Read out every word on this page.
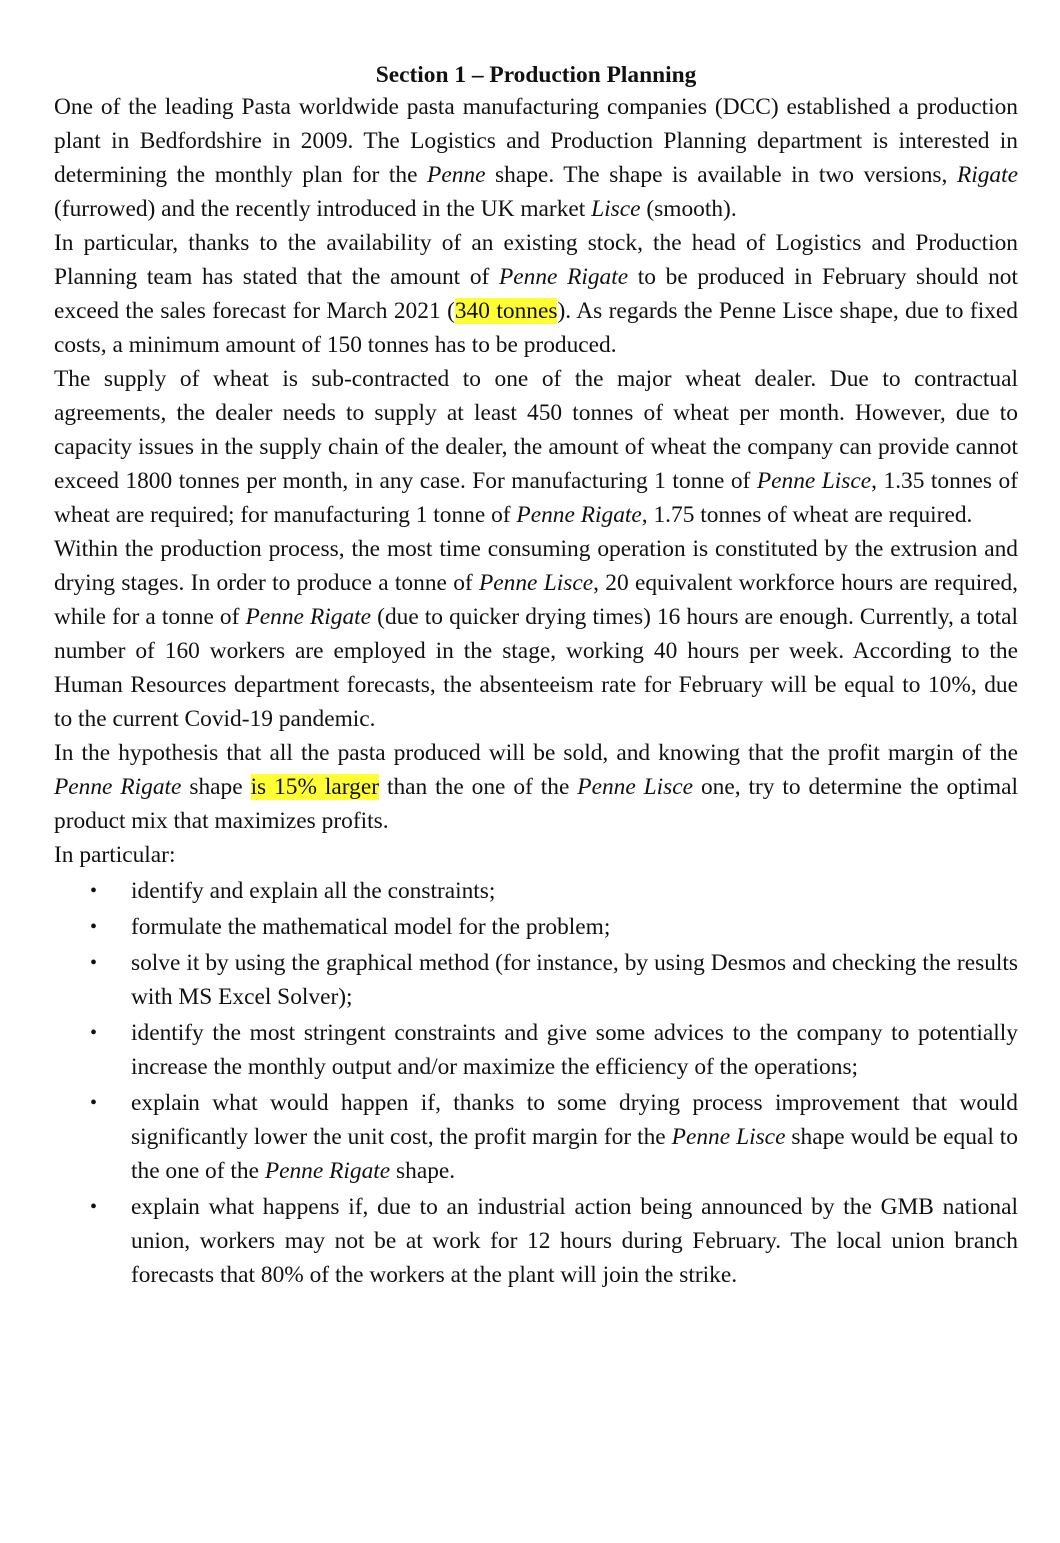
Section 1 – Production Planning

One of the leading Pasta worldwide pasta manufacturing companies (DCC) established a production plant in Bedfordshire in 2009. The Logistics and Production Planning department is interested in determining the monthly plan for the Penne shape. The shape is available in two versions, Rigate (furrowed) and the recently introduced in the UK market Lisce (smooth).

In particular, thanks to the availability of an existing stock, the head of Logistics and Production Planning team has stated that the amount of Penne Rigate to be produced in February should not exceed the sales forecast for March 2021 (340 tonnes). As regards the Penne Lisce shape, due to fixed costs, a minimum amount of 150 tonnes has to be produced.

The supply of wheat is sub-contracted to one of the major wheat dealer. Due to contractual agreements, the dealer needs to supply at least 450 tonnes of wheat per month. However, due to capacity issues in the supply chain of the dealer, the amount of wheat the company can provide cannot exceed 1800 tonnes per month, in any case. For manufacturing 1 tonne of Penne Lisce, 1.35 tonnes of wheat are required; for manufacturing 1 tonne of Penne Rigate, 1.75 tonnes of wheat are required.

Within the production process, the most time consuming operation is constituted by the extrusion and drying stages. In order to produce a tonne of Penne Lisce, 20 equivalent workforce hours are required, while for a tonne of Penne Rigate (due to quicker drying times) 16 hours are enough. Currently, a total number of 160 workers are employed in the stage, working 40 hours per week. According to the Human Resources department forecasts, the absenteeism rate for February will be equal to 10%, due to the current Covid-19 pandemic.

In the hypothesis that all the pasta produced will be sold, and knowing that the profit margin of the Penne Rigate shape is 15% larger than the one of the Penne Lisce one, try to determine the optimal product mix that maximizes profits.

In particular:

• identify and explain all the constraints;
• formulate the mathematical model for the problem;
• solve it by using the graphical method (for instance, by using Desmos and checking the results with MS Excel Solver);
• identify the most stringent constraints and give some advices to the company to potentially increase the monthly output and/or maximize the efficiency of the operations;
• explain what would happen if, thanks to some drying process improvement that would significantly lower the unit cost, the profit margin for the Penne Lisce shape would be equal to the one of the Penne Rigate shape.
• explain what happens if, due to an industrial action being announced by the GMB national union, workers may not be at work for 12 hours during February. The local union branch forecasts that 80% of the workers at the plant will join the strike.
